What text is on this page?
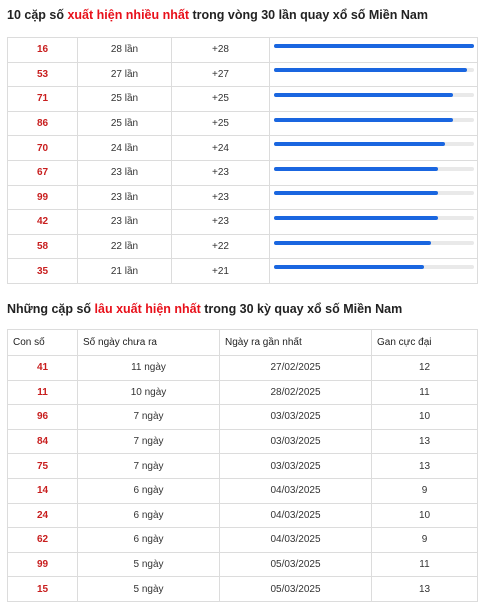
10 cặp số xuất hiện nhiều nhất trong vòng 30 lần quay xổ số Miền Nam
16	28 lần	+28	

53	27 lần	+27	

71	25 lần	+25	

86	25 lần	+25	

70	24 lần	+24	

67	23 lần	+23	

99	23 lần	+23	

42	23 lần	+23	

58	22 lần	+22	

35	21 lần	+21	
Những cặp số lâu xuất hiện nhất trong 30 kỳ quay xổ số Miền Nam
Con số	Số ngày chưa ra	Ngày ra gần nhất	Gan cực đại
41	11 ngày	27/02/2025	12
11	10 ngày	28/02/2025	11
96	7 ngày	03/03/2025	10
84	7 ngày	03/03/2025	13
75	7 ngày	03/03/2025	13
14	6 ngày	04/03/2025	9
24	6 ngày	04/03/2025	10
62	6 ngày	04/03/2025	9
99	5 ngày	05/03/2025	11
15	5 ngày	05/03/2025	13
